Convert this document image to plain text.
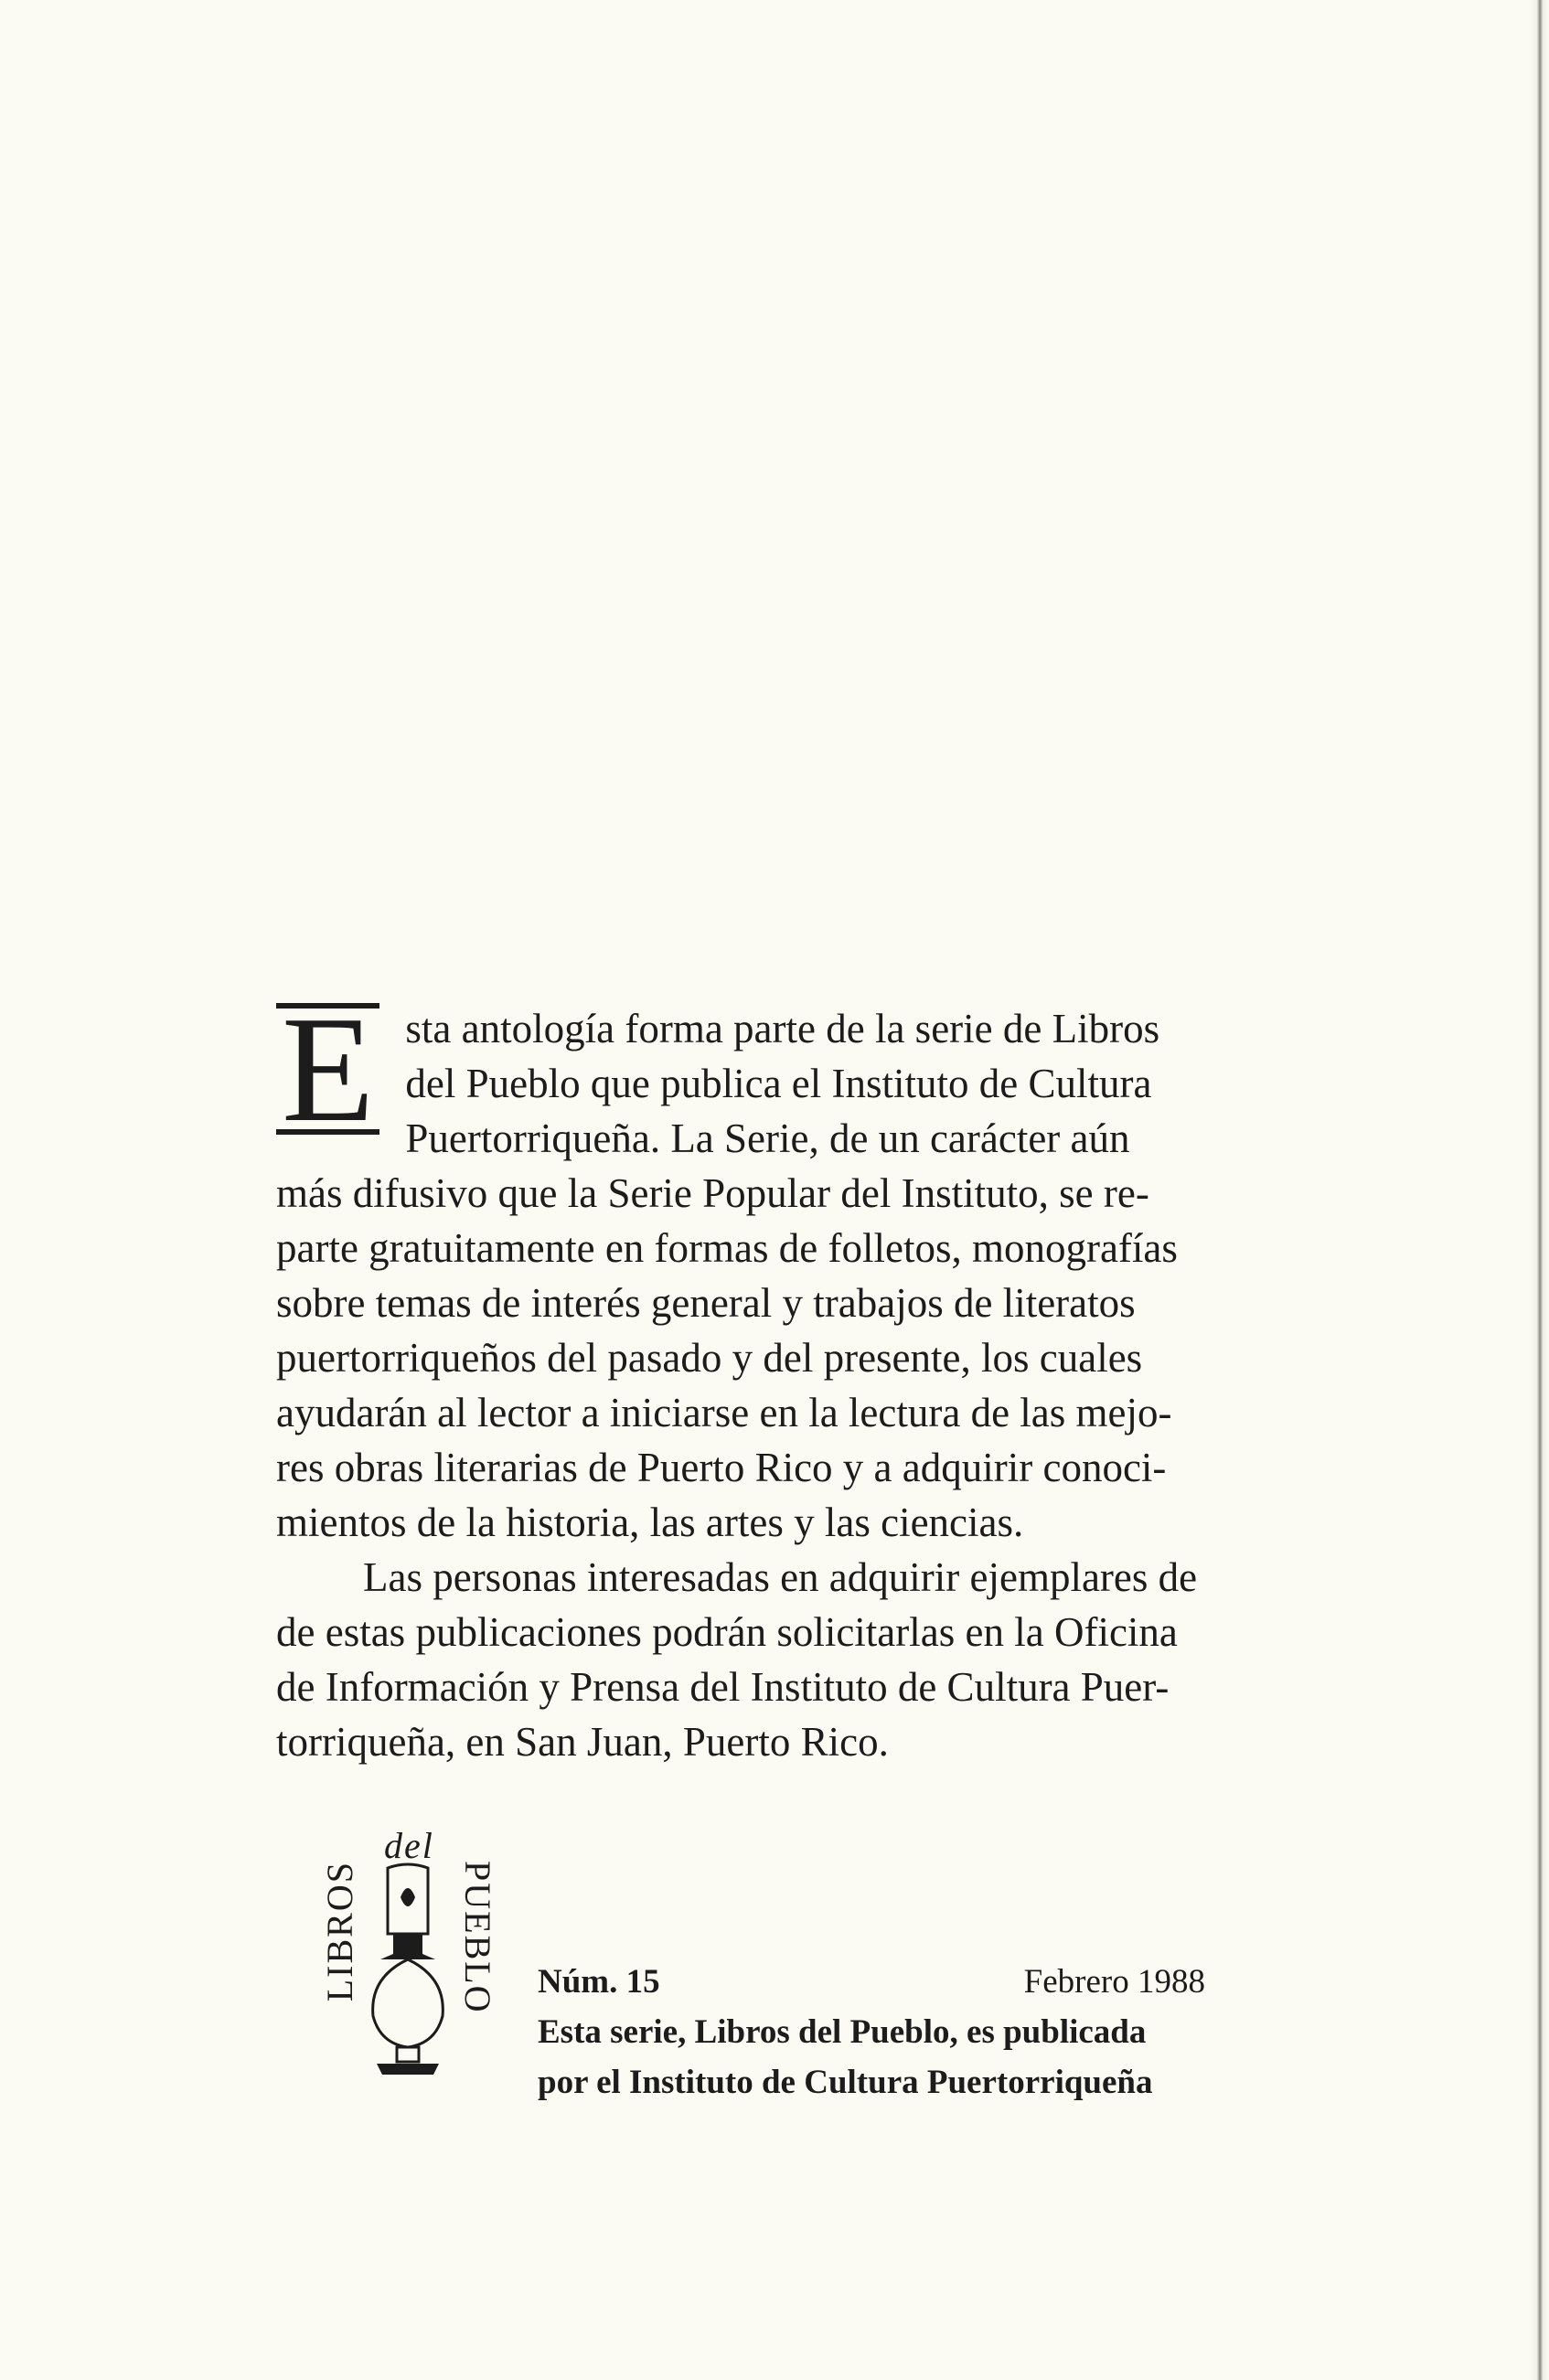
E sta antología forma parte de la serie de Libros
del Pueblo que publica el Instituto de Cultura
Puertorriqueña. La Serie, de un carácter aún
más difusivo que la Serie Popular del Instituto, se re-
parte gratuitamente en formas de folletos, monografías
sobre temas de interés general y trabajos de literatos
puertorriqueños del pasado y del presente, los cuales
ayudarán al lector a iniciarse en la lectura de las mejo-
res obras literarias de Puerto Rico y a adquirir conoci-
mientos de la historia, las artes y las ciencias.
Las personas interesadas en adquirir ejemplares de
de estas publicaciones podrán solicitarlas en la Oficina
de Información y Prensa del Instituto de Cultura Puer-
torriqueña, en San Juan, Puerto Rico.
del
LIBROS	PUEBLO Núm. 15	Febrero 1988
Esta serie, Libros del Pueblo, es publicada
por el Instituto de Cultura Puertorriqueña
